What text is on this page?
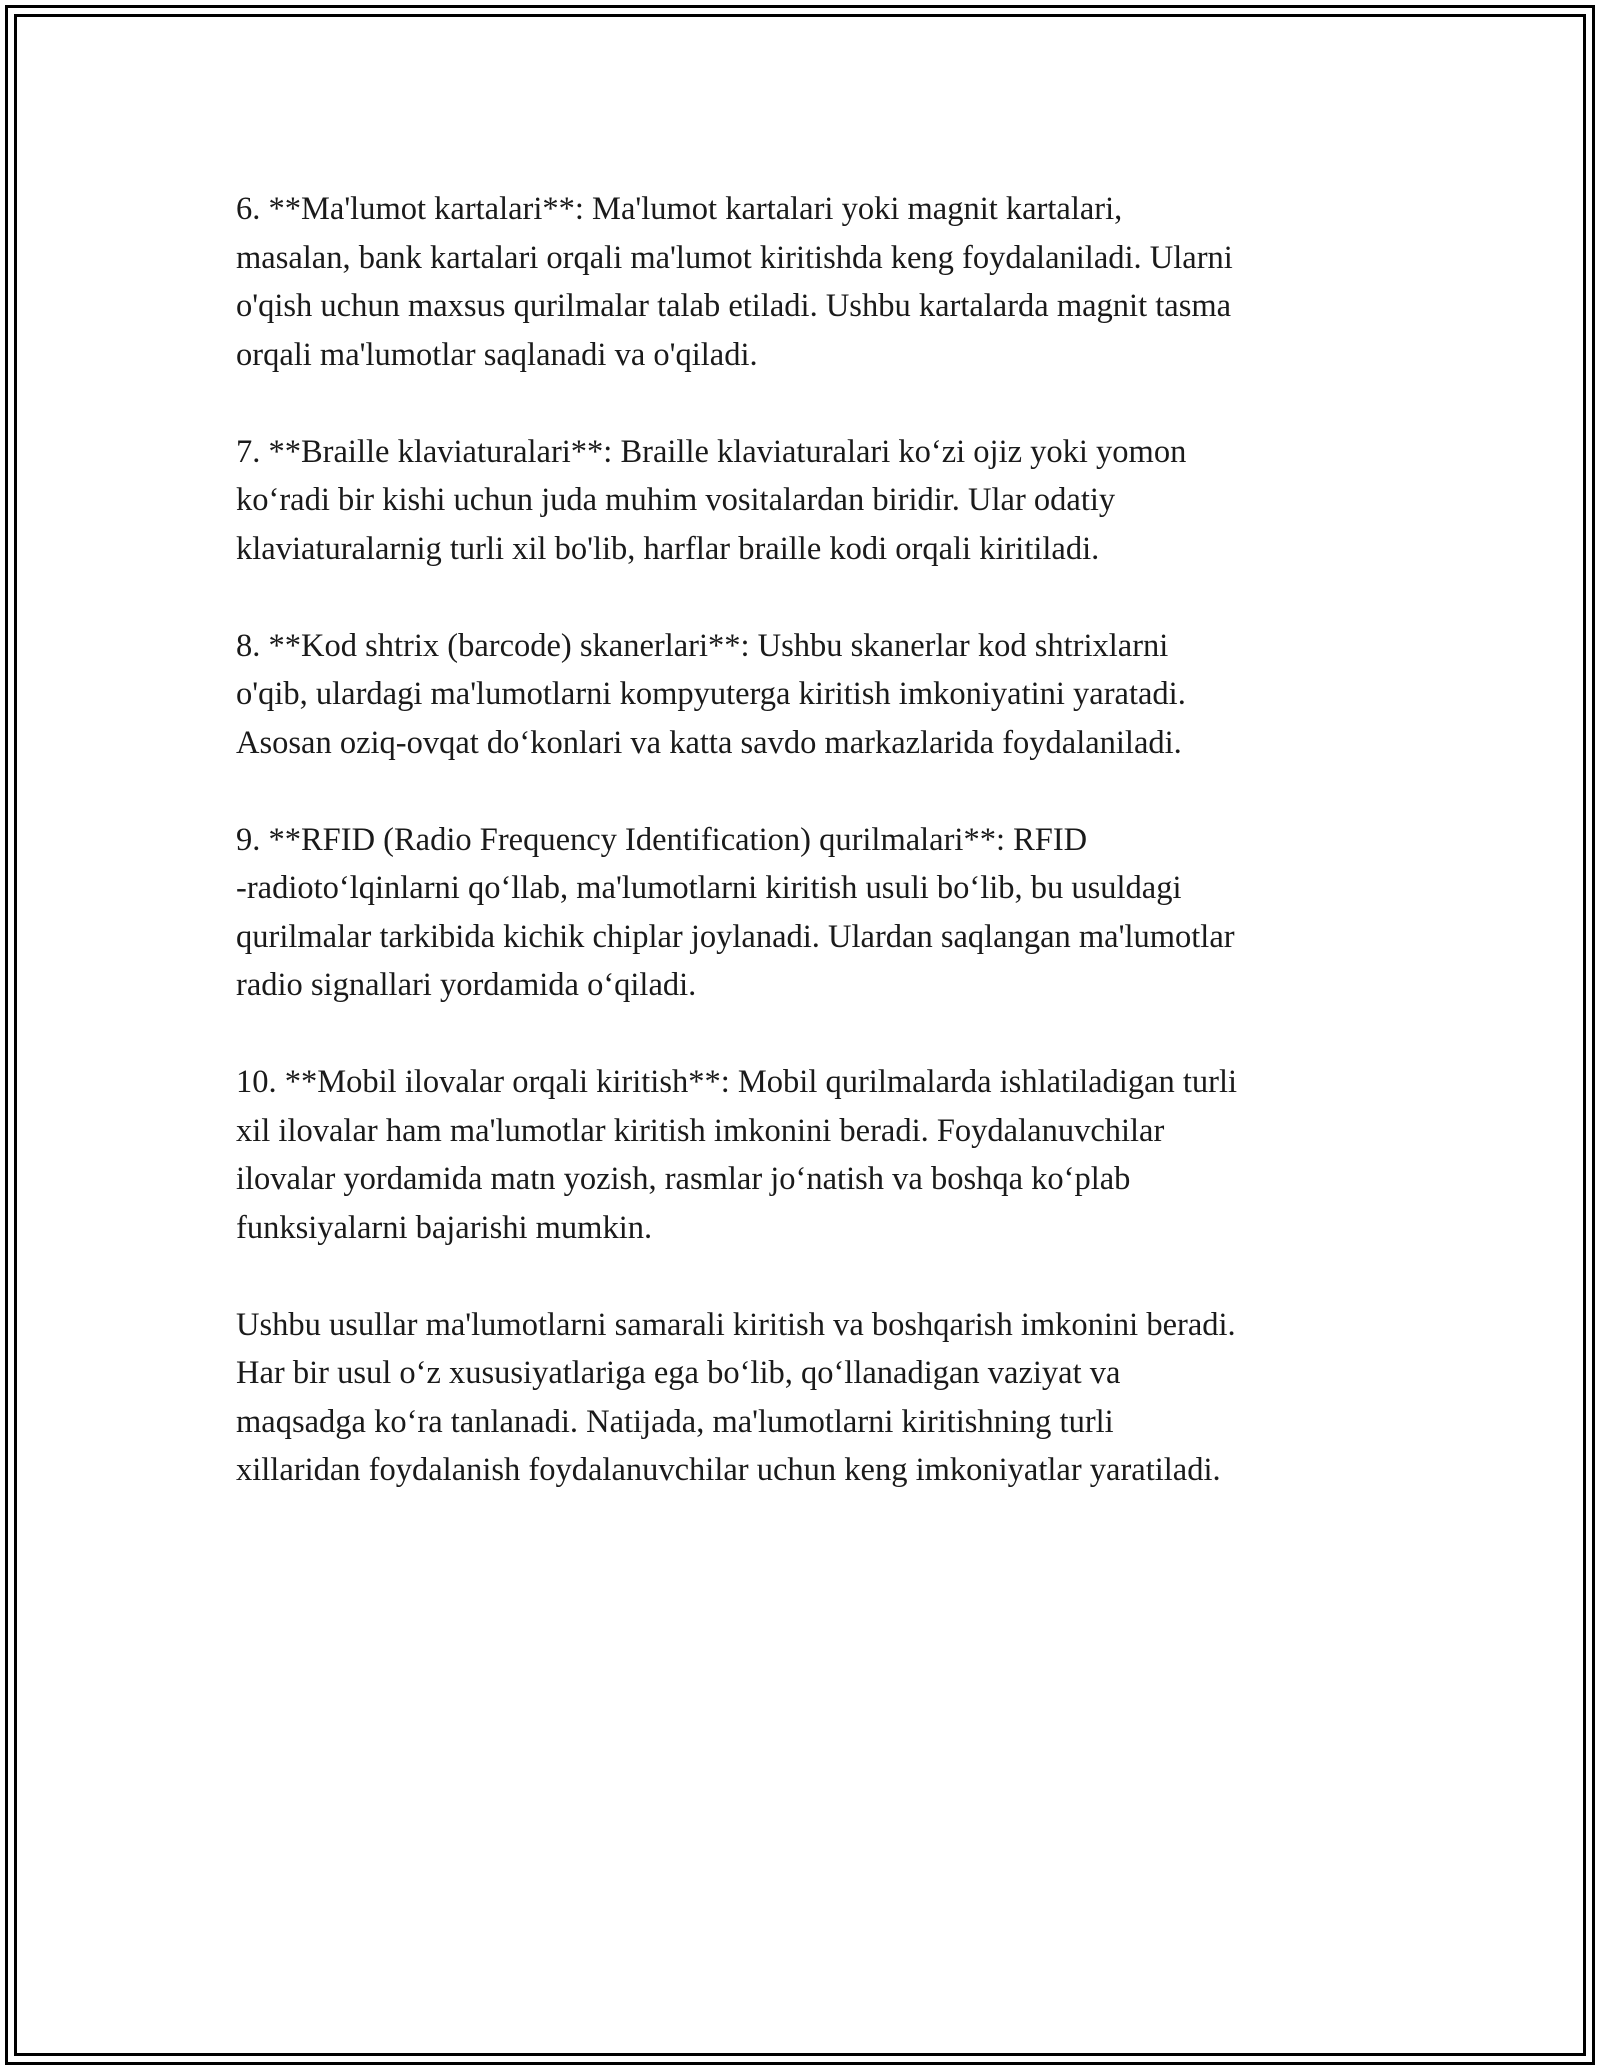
6. **Ma'lumot kartalari**: Ma'lumot kartalari yoki magnit kartalari,
masalan, bank kartalari orqali ma'lumot kiritishda keng foydalaniladi. Ularni
o'qish uchun maxsus qurilmalar talab etiladi. Ushbu kartalarda magnit tasma
orqali ma'lumotlar saqlanadi va o'qiladi.

7. **Braille klaviaturalari**: Braille klaviaturalari ko‘zi ojiz yoki yomon
ko‘radi bir kishi uchun juda muhim vositalardan biridir. Ular odatiy
klaviaturalarnig turli xil bo'lib, harflar braille kodi orqali kiritiladi.

8. **Kod shtrix (barcode) skanerlari**: Ushbu skanerlar kod shtrixlarni
o'qib, ulardagi ma'lumotlarni kompyuterga kiritish imkoniyatini yaratadi.
Asosan oziq-ovqat do‘konlari va katta savdo markazlarida foydalaniladi.

9. **RFID (Radio Frequency Identification) qurilmalari**: RFID
-radioto‘lqinlarni qo‘llab, ma'lumotlarni kiritish usuli bo‘lib, bu usuldagi
qurilmalar tarkibida kichik chiplar joylanadi. Ulardan saqlangan ma'lumotlar
radio signallari yordamida o‘qiladi.

10. **Mobil ilovalar orqali kiritish**: Mobil qurilmalarda ishlatiladigan turli
xil ilovalar ham ma'lumotlar kiritish imkonini beradi. Foydalanuvchilar
ilovalar yordamida matn yozish, rasmlar jo‘natish va boshqa ko‘plab
funksiyalarni bajarishi mumkin.

Ushbu usullar ma'lumotlarni samarali kiritish va boshqarish imkonini beradi.
Har bir usul o‘z xususiyatlariga ega bo‘lib, qo‘llanadigan vaziyat va
maqsadga ko‘ra tanlanadi. Natijada, ma'lumotlarni kiritishning turli
xillaridan foydalanish foydalanuvchilar uchun keng imkoniyatlar yaratiladi.
